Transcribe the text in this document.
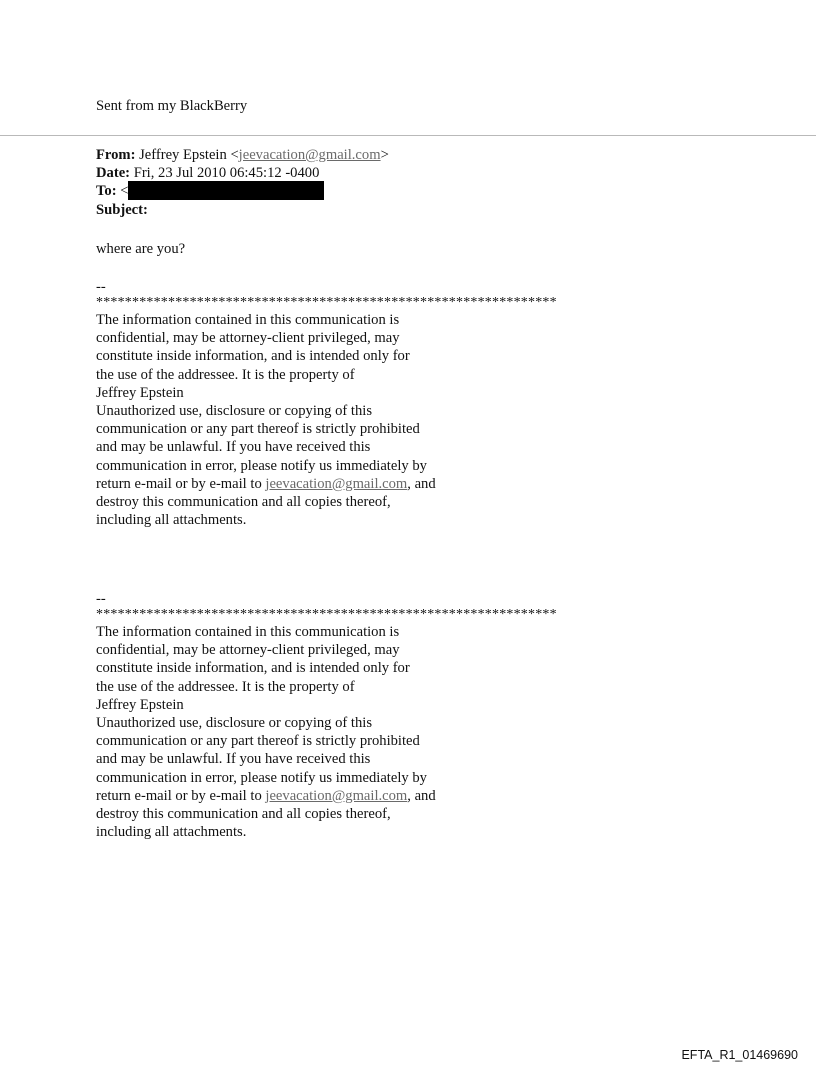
Sent from my BlackBerry
From: Jeffrey Epstein <jeevacation@gmail.com>
Date: Fri, 23 Jul 2010 06:45:12 -0400
To: <
Subject:
where are you?
--
****************************************************************
The information contained in this communication is
confidential, may be attorney-client privileged, may
constitute inside information, and is intended only for
the use of the addressee. It is the property of
Jeffrey Epstein
Unauthorized use, disclosure or copying of this
communication or any part thereof is strictly prohibited
and may be unlawful. If you have received this
communication in error, please notify us immediately by
return e-mail or by e-mail to jeevacation@gmail.com, and
destroy this communication and all copies thereof,
including all attachments.
--
****************************************************************
The information contained in this communication is
confidential, may be attorney-client privileged, may
constitute inside information, and is intended only for
the use of the addressee. It is the property of
Jeffrey Epstein
Unauthorized use, disclosure or copying of this
communication or any part thereof is strictly prohibited
and may be unlawful. If you have received this
communication in error, please notify us immediately by
return e-mail or by e-mail to jeevacation@gmail.com, and
destroy this communication and all copies thereof,
including all attachments.
EFTA_R1_01469690
